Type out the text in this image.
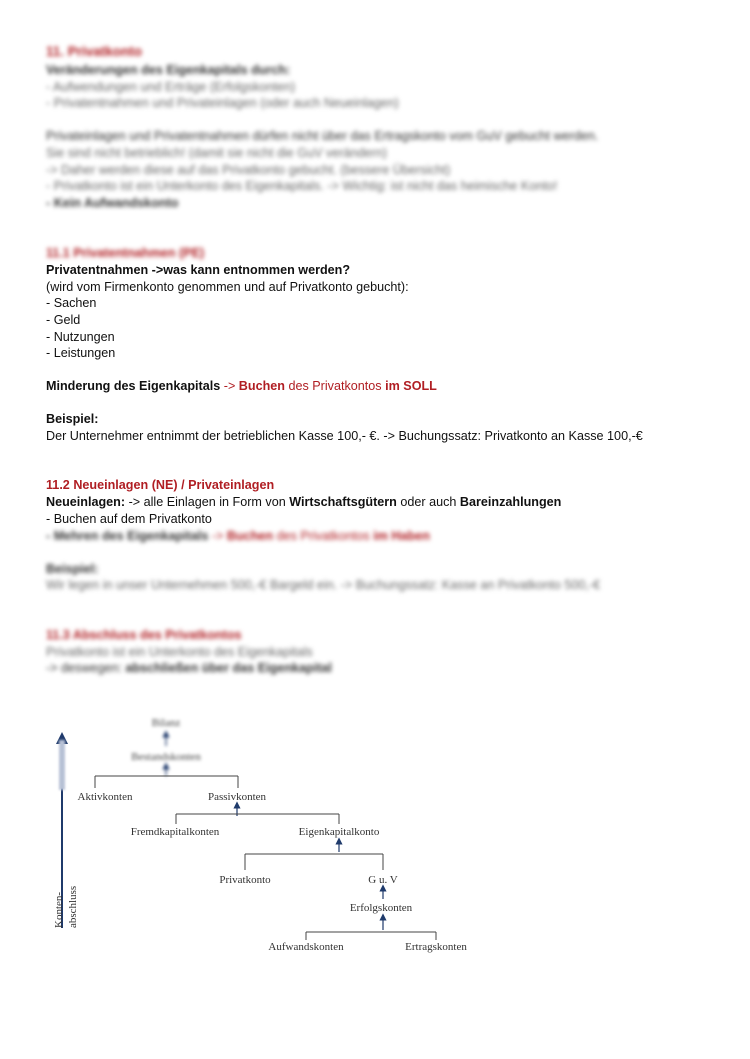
11. Privatkonto
Veränderungen des Eigenkapitals durch:
- Aufwendungen und Erträge (Erfolgskonten)
- Privatentnahmen und Privateinlagen (oder auch Neueinlagen)
Privateinlagen und Privatentnahmen dürfen nicht über das Ertragskonto vom GuV gebucht werden.
Sie sind nicht betrieblich! (damit sie nicht die GuV verändern)
-> Daher werden diese auf das Privatkonto gebucht. (bessere Übersicht)
- Privatkonto ist ein Unterkonto des Eigenkapitals. -> Wichtig: ist nicht das heimische Konto!
- Kein Aufwandskonto
11.1 Privatentnahmen (PE)
Privatentnahmen ->was kann entnommen werden?
(wird vom Firmenkonto genommen und auf Privatkonto gebucht):
- Sachen
- Geld
- Nutzungen
- Leistungen
Minderung des Eigenkapitals -> Buchen des Privatkontos im SOLL
Beispiel:
Der Unternehmer entnimmt der betrieblichen Kasse 100,- €. -> Buchungssatz: Privatkonto an Kasse 100,-€
11.2 Neueinlagen (NE) / Privateinlagen
Neueinlagen: -> alle Einlagen in Form von Wirtschaftsgütern oder auch Bareinzahlungen
- Buchen auf dem Privatkonto
- Mehren des Eigenkapitals -> Buchen des Privatkontos im Haben
Beispiel:
Wir legen in unser Unternehmen 500,-€ Bargeld ein. -> Buchungssatz: Kasse an Privatkonto 500,-€
11.3 Abschluss des Privatkontos
Privatkonto ist ein Unterkonto des Eigenkapitals
-> deswegen: abschließen über das Eigenkapital
Konten- abschluss
Bilanz
Bestandskonten
Aktivkonten	Passivkonten
Fremdkapitalkonten	Eigenkapitalkonto
Privatkonto	G u. V
Erfolgskonten
Aufwandskonten	Ertragskonten
